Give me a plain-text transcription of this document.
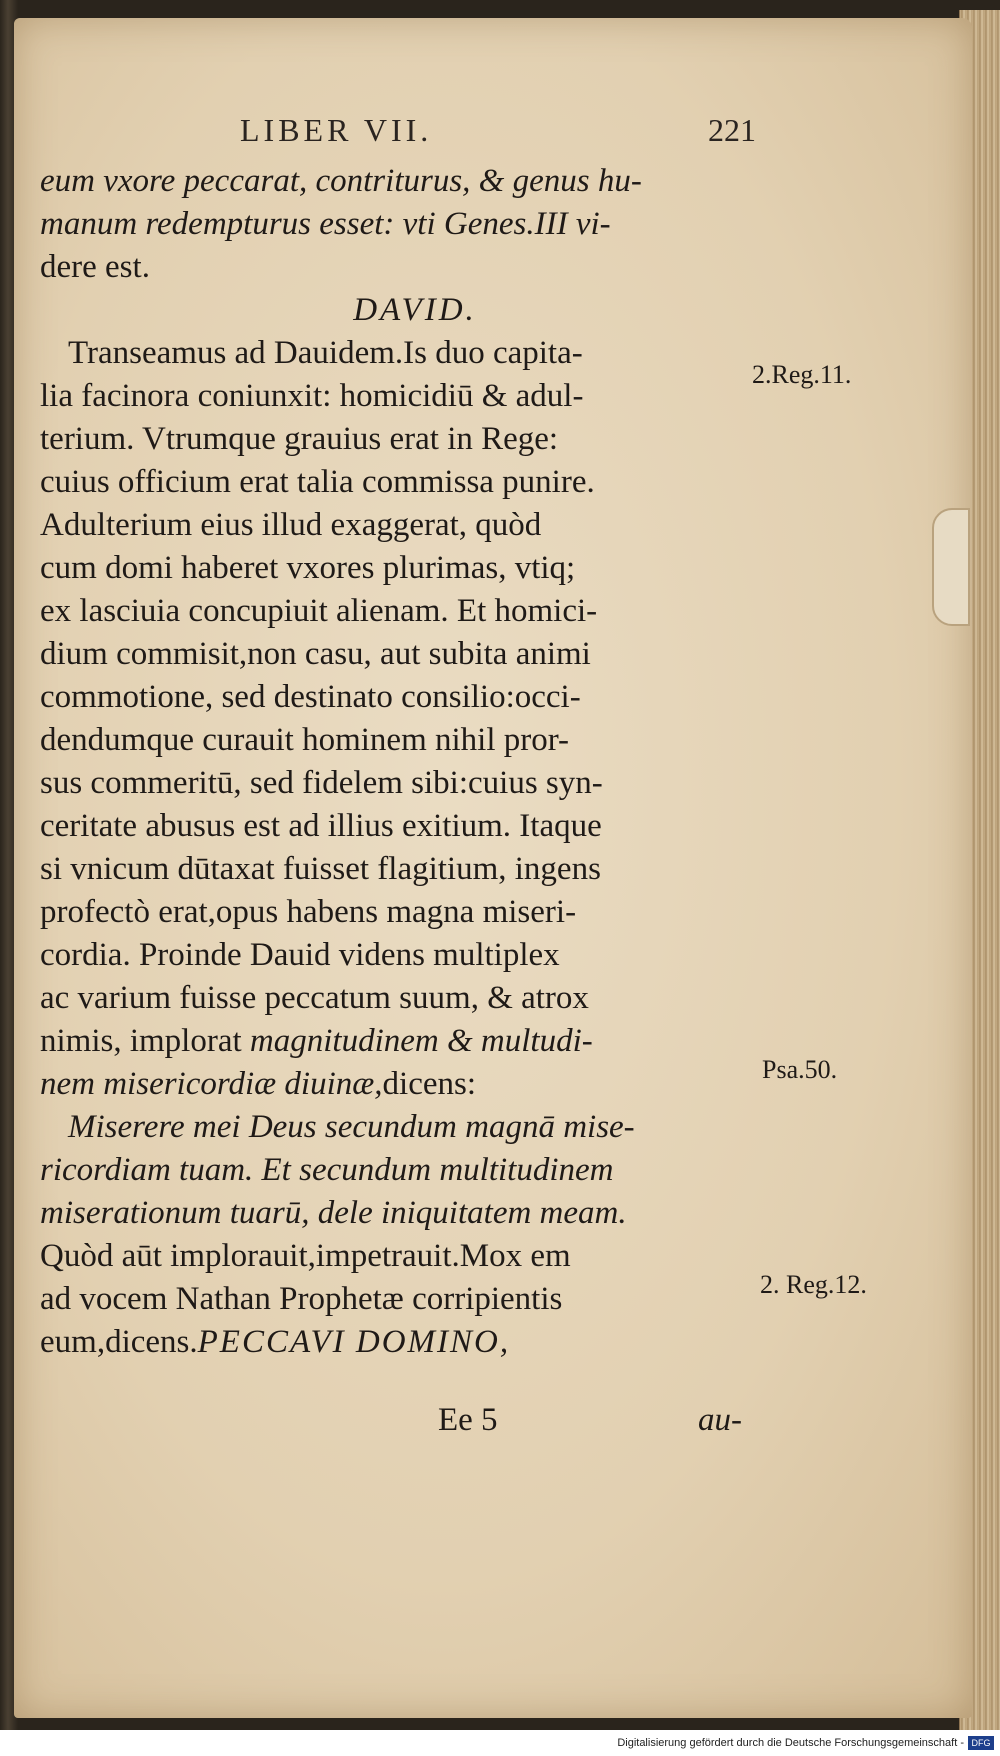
LIBER VII.	221
eum vxore peccarat, contriturus, & genus hu-
manum redempturus esset: vti Genes.III vi-
dere est.
DAVID.
Transeamus ad Dauidem.Is duo capita-
lia facinora coniunxit: homicidiū & adul-
terium. Vtrumque grauius erat in Rege:
cuius officium erat talia commissa punire.
Adulterium eius illud exaggerat, quòd
cum domi haberet vxores plurimas, vtiq;
ex lasciuia concupiuit alienam. Et homici-
dium commisit,non casu, aut subita animi
commotione, sed destinato consilio:occi-
dendumque curauit hominem nihil pror-
sus commeritū, sed fidelem sibi:cuius syn-
ceritate abusus est ad illius exitium. Itaque
si vnicum dūtaxat fuisset flagitium, ingens
profectò erat,opus habens magna miseri-
cordia. Proinde Dauid videns multiplex
ac varium fuisse peccatum suum, & atrox
nimis, implorat magnitudinem & multudi-
nem misericordiæ diuinæ,dicens:
Miserere mei Deus secundum magnā mise-
ricordiam tuam. Et secundum multitudinem
miserationum tuarū, dele iniquitatem meam.
Quòd aūt implorauit,impetrauit.Mox em
ad vocem Nathan Prophetæ corripientis
eum,dicens.PECCAVI DOMINO,
2.Reg.11.
Psa.50.
2. Reg.12.
Ee 5	au-
Digitalisierung gefördert durch die Deutsche Forschungsgemeinschaft - DFG
